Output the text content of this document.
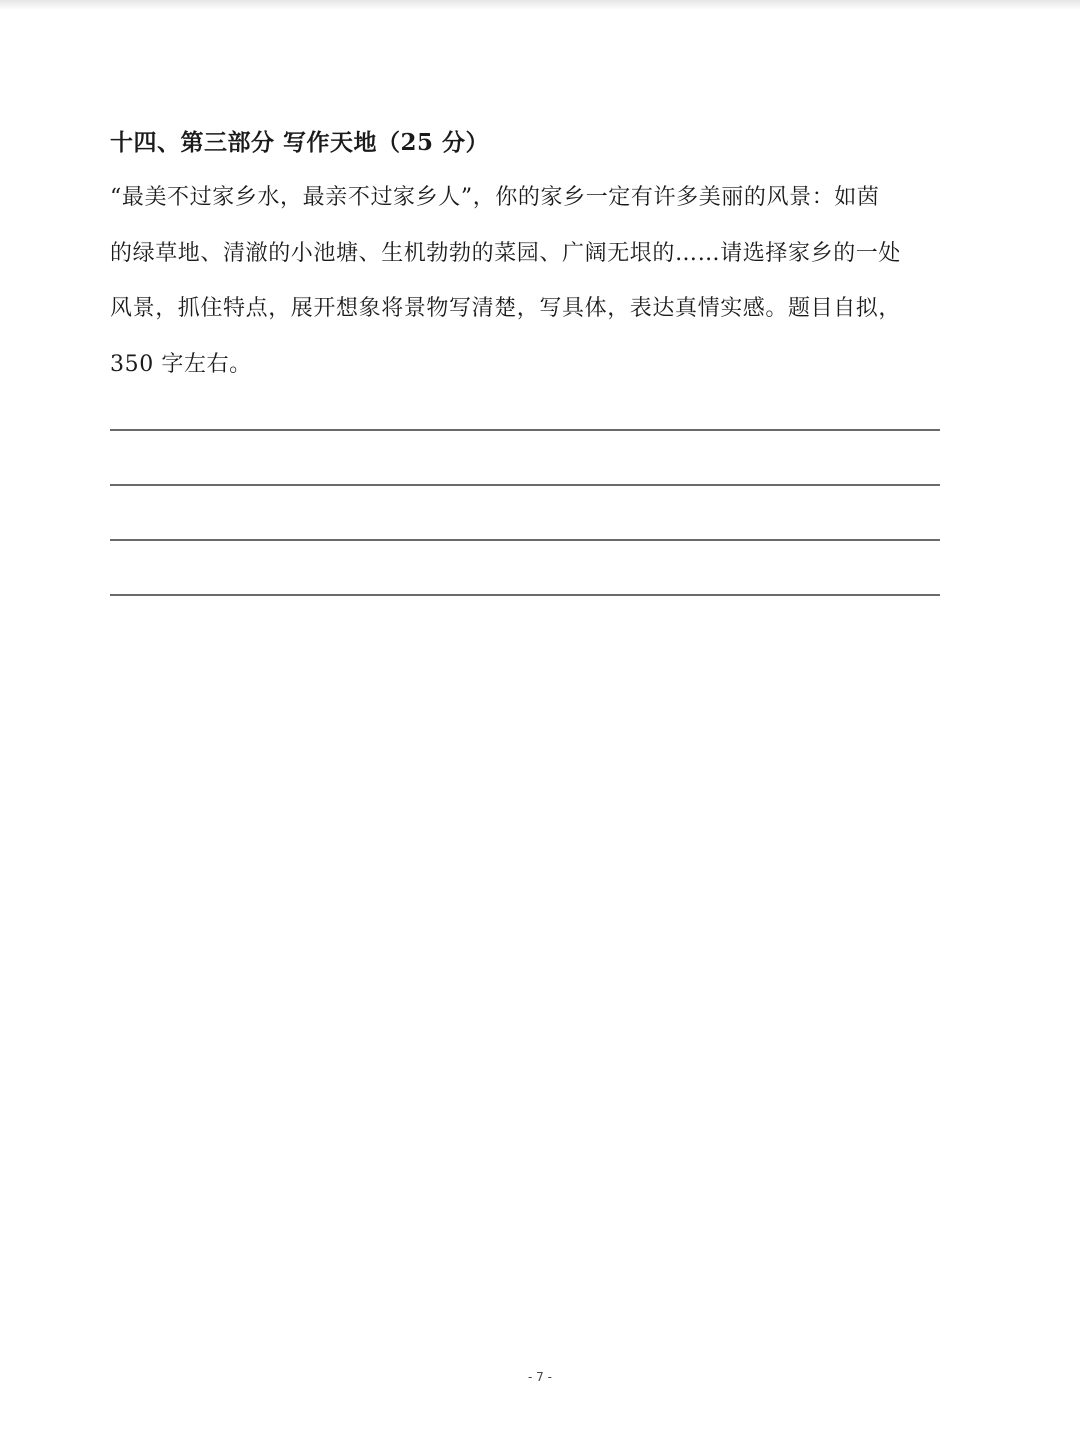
十四、第三部分 写作天地（25 分）
“最美不过家乡水，最亲不过家乡人”，你的家乡一定有许多美丽的风景：如茵
的绿草地、清澈的小池塘、生机勃勃的菜园、广阔无垠的……请选择家乡的一处
风景，抓住特点，展开想象将景物写清楚，写具体，表达真情实感。题目自拟，
350 字左右。
- 7 -
